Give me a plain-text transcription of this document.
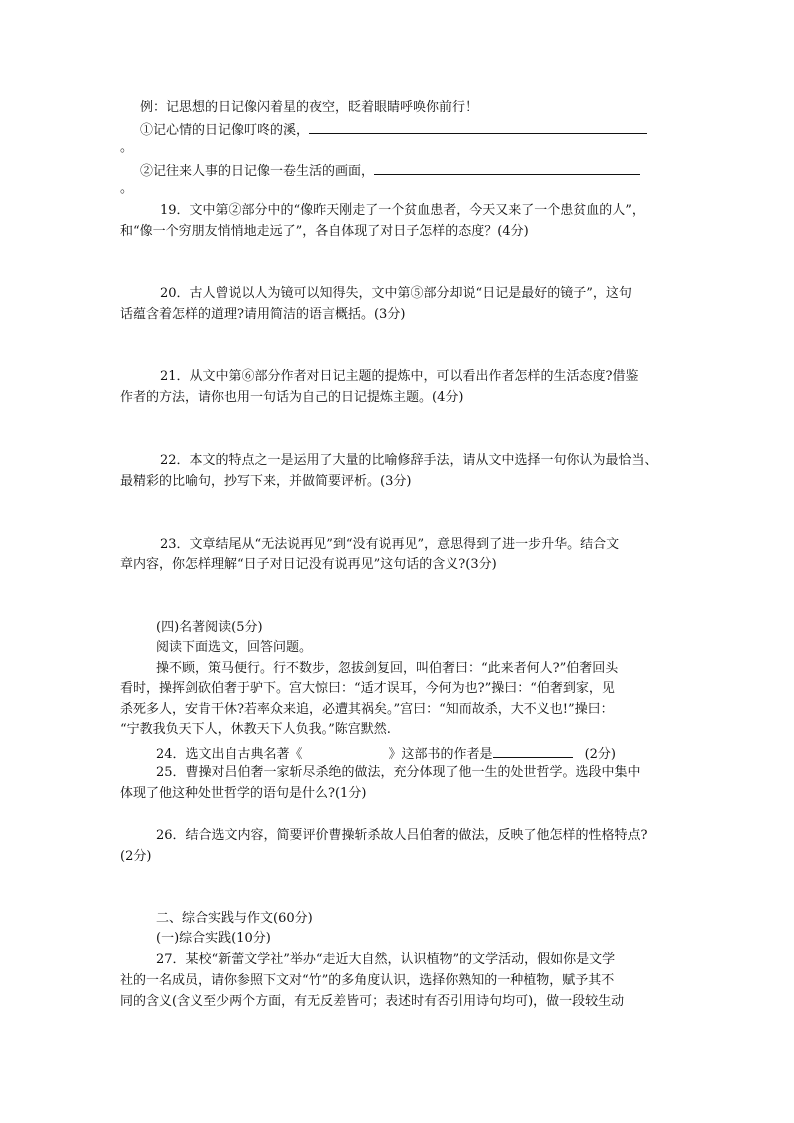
例：记思想的日记像闪着星的夜空，眨着眼睛呼唤你前行！
①记心情的日记像叮咚的溪，
。
②记往来人事的日记像一卷生活的画面，
。
19．文中第②部分中的“像昨天刚走了一个贫血患者，今天又来了一个患贫血的人”，
和“像一个穷朋友悄悄地走远了”，各自体现了对日子怎样的态度？(4分)
20．古人曾说以人为镜可以知得失，文中第⑤部分却说“日记是最好的镜子”，这句
话蕴含着怎样的道理?请用简洁的语言概括。(3分)
21．从文中第⑥部分作者对日记主题的提炼中，可以看出作者怎样的生活态度?借鉴
作者的方法，请你也用一句话为自己的日记提炼主题。(4分)
22．本文的特点之一是运用了大量的比喻修辞手法，请从文中选择一句你认为最恰当、
最精彩的比喻句，抄写下来，并做简要评析。(3分)
23．文章结尾从“无法说再见”到“没有说再见”，意思得到了进一步升华。结合文
章内容，你怎样理解“日子对日记没有说再见”这句话的含义?(3分)
(四)名著阅读(5分)
阅读下面选文，回答问题。
操不顾，策马便行。行不数步，忽拔剑复回，叫伯奢曰：“此来者何人?”伯奢回头
看时，操挥剑砍伯奢于驴下。宫大惊曰：“适才误耳，今何为也?”操曰：“伯奢到家，见
杀死多人，安肯干休?若率众来追，必遭其祸矣。”宫曰：“知而故杀，大不义也!”操曰：
“宁教我负天下人，休教天下人负我。”陈宫默然.
24．选文出自古典名著《	》这部书的作者是	(2分)
25．曹操对吕伯奢一家斩尽杀绝的做法，充分体现了他一生的处世哲学。选段中集中
体现了他这种处世哲学的语句是什么?(1分)
26．结合选文内容，简要评价曹操斩杀故人吕伯奢的做法，反映了他怎样的性格特点?
(2分)
二、综合实践与作文(60分)
(一)综合实践(10分)
27．某校“新蕾文学社”举办“走近大自然，认识植物”的文学活动，假如你是文学
社的一名成员，请你参照下文对“竹”的多角度认识，选择你熟知的一种植物，赋予其不
同的含义(含义至少两个方面，有无反差皆可；表述时有否引用诗句均可)，做一段较生动
